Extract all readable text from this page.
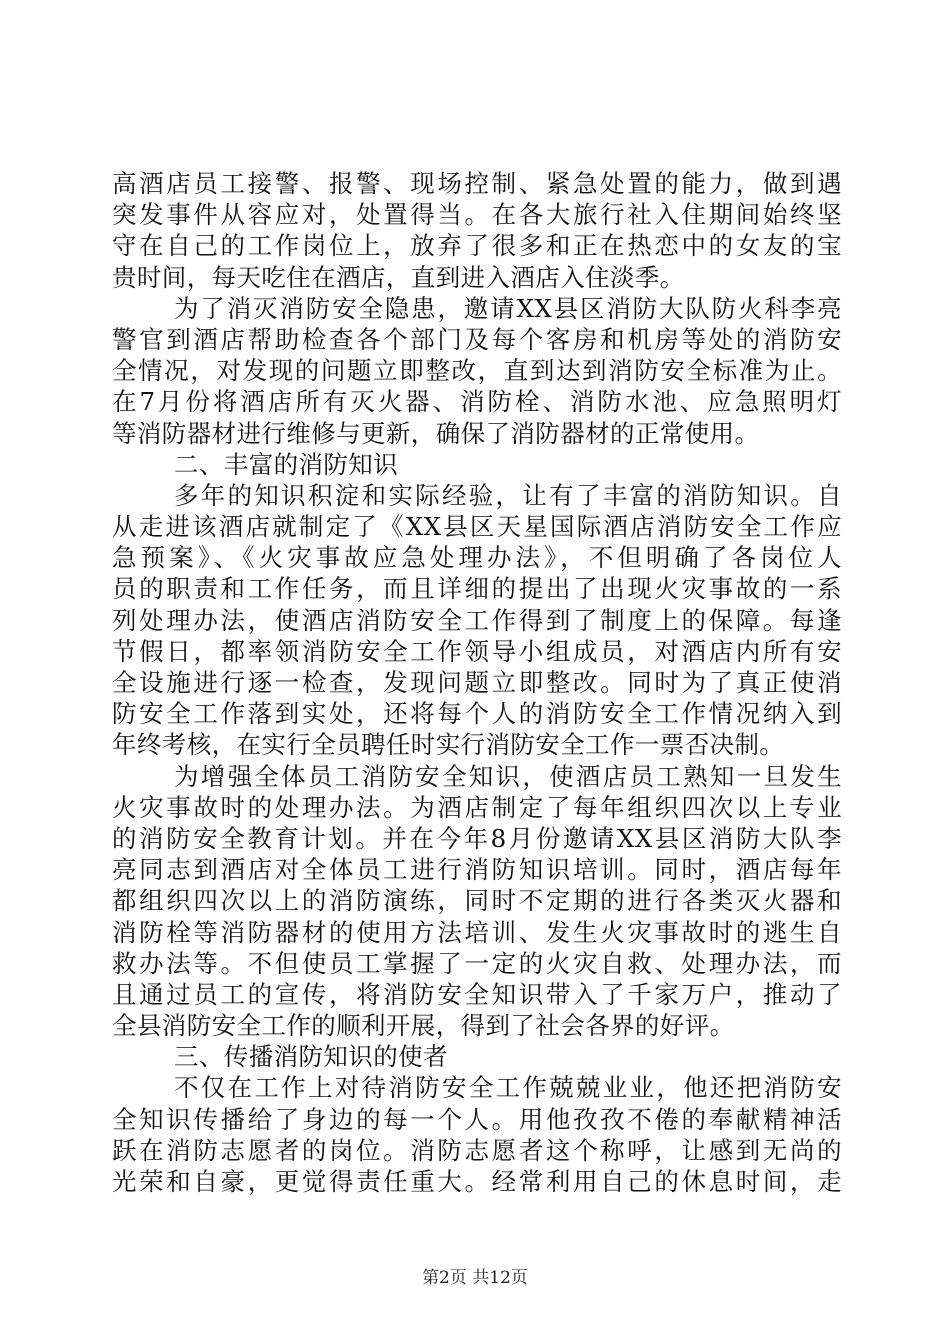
高酒店员工接警、报警、现场控制、紧急处置的能力，做到遇
突发事件从容应对，处置得当。在各大旅行社入住期间始终坚
守在自己的工作岗位上，放弃了很多和正在热恋中的女友的宝
贵时间，每天吃住在酒店，直到进入酒店入住淡季。
为了消灭消防安全隐患，邀请XX县区消防大队防火科李亮
警官到酒店帮助检查各个部门及每个客房和机房等处的消防安
全情况，对发现的问题立即整改，直到达到消防安全标准为止。
在7月份将酒店所有灭火器、消防栓、消防水池、应急照明灯
等消防器材进行维修与更新，确保了消防器材的正常使用。
二、丰富的消防知识
多年的知识积淀和实际经验，让有了丰富的消防知识。自
从走进该酒店就制定了《XX县区天星国际酒店消防安全工作应
急预案》、《火灾事故应急处理办法》，不但明确了各岗位人
员的职责和工作任务，而且详细的提出了出现火灾事故的一系
列处理办法，使酒店消防安全工作得到了制度上的保障。每逢
节假日，都率领消防安全工作领导小组成员，对酒店内所有安
全设施进行逐一检查，发现问题立即整改。同时为了真正使消
防安全工作落到实处，还将每个人的消防安全工作情况纳入到
年终考核，在实行全员聘任时实行消防安全工作一票否决制。
为增强全体员工消防安全知识，使酒店员工熟知一旦发生
火灾事故时的处理办法。为酒店制定了每年组织四次以上专业
的消防安全教育计划。并在今年8月份邀请XX县区消防大队李
亮同志到酒店对全体员工进行消防知识培训。同时，酒店每年
都组织四次以上的消防演练，同时不定期的进行各类灭火器和
消防栓等消防器材的使用方法培训、发生火灾事故时的逃生自
救办法等。不但使员工掌握了一定的火灾自救、处理办法，而
且通过员工的宣传，将消防安全知识带入了千家万户，推动了
全县消防安全工作的顺利开展，得到了社会各界的好评。
三、传播消防知识的使者
不仅在工作上对待消防安全工作兢兢业业，他还把消防安
全知识传播给了身边的每一个人。用他孜孜不倦的奉献精神活
跃在消防志愿者的岗位。消防志愿者这个称呼，让感到无尚的
光荣和自豪，更觉得责任重大。经常利用自己的休息时间，走
第2页 共12页
